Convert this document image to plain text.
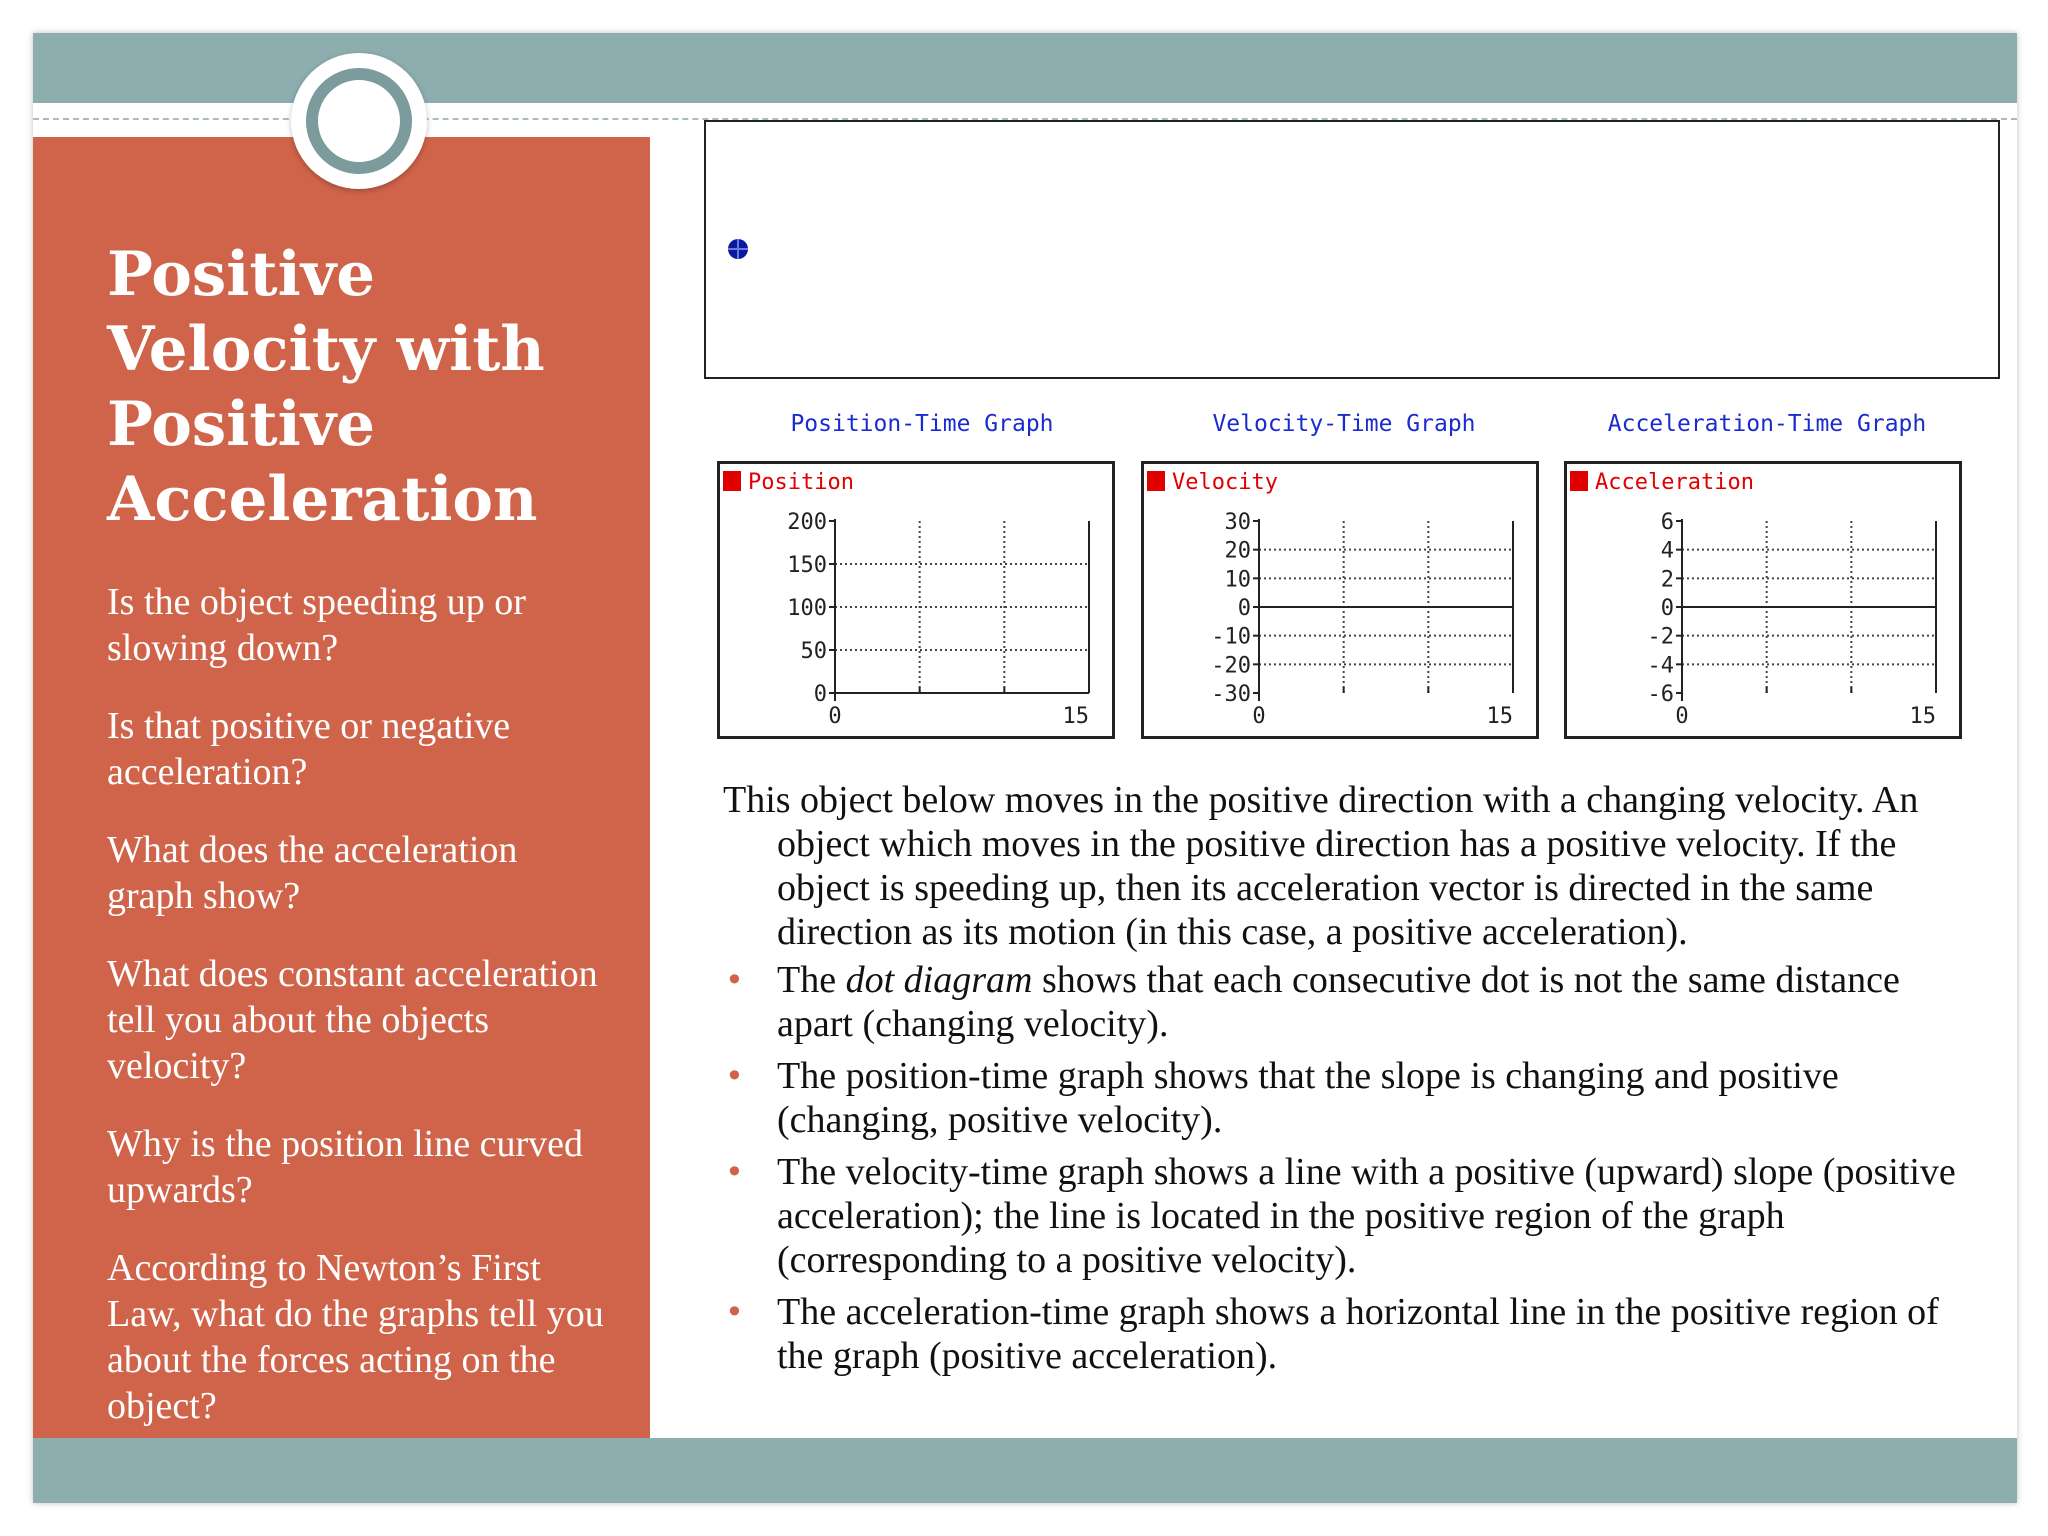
Positive Velocity with Positive Acceleration

Is the object speeding up or slowing down?

Is that positive or negative acceleration?

What does the acceleration graph show?

What does constant acceleration tell you about the objects velocity?

Why is the position line curved upwards?

According to Newton’s First Law, what do the graphs tell you about the forces acting on the object?

Position-Time Graph	Velocity-Time Graph	Acceleration-Time Graph
Position
200
150
100
50
0
0	15
Velocity
30
20
10
0
-10
-20
-30
0	15
Acceleration
6
4
2
0
-2
-4
-6
0	15

This object below moves in the positive direction with a changing velocity. An object which moves in the positive direction has a positive velocity. If the object is speeding up, then its acceleration vector is directed in the same direction as its motion (in this case, a positive acceleration).

• The dot diagram shows that each consecutive dot is not the same distance apart (changing velocity).
• The position-time graph shows that the slope is changing and positive (changing, positive velocity).
• The velocity-time graph shows a line with a positive (upward) slope (positive acceleration); the line is located in the positive region of the graph (corresponding to a positive velocity).
• The acceleration-time graph shows a horizontal line in the positive region of the graph (positive acceleration).
